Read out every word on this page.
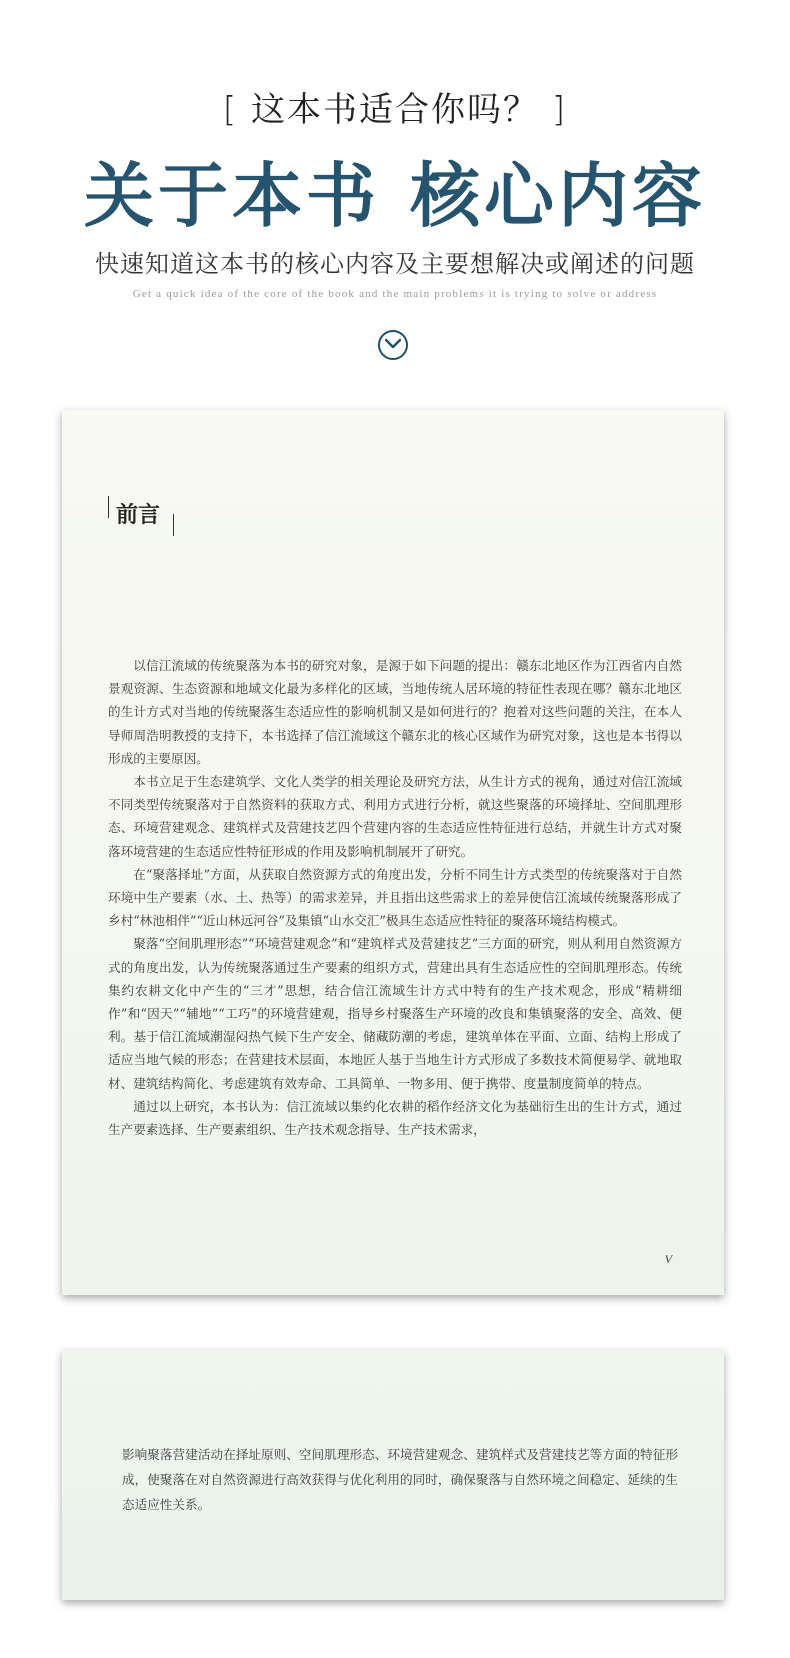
[ 这本书适合你吗？ ]
关于本书 核心内容
快速知道这本书的核心内容及主要想解决或阐述的问题
Get a quick idea of the core of the book and the main problems it is trying to solve or address
前言

以信江流域的传统聚落为本书的研究对象，是源于如下问题的提出：赣东北地区作为江西省内自然景观资源、生态资源和地域文化最为多样化的区域，当地传统人居环境的特征性表现在哪？赣东北地区的生计方式对当地的传统聚落生态适应性的影响机制又是如何进行的？抱着对这些问题的关注，在本人导师周浩明教授的支持下，本书选择了信江流域这个赣东北的核心区域作为研究对象，这也是本书得以形成的主要原因。

本书立足于生态建筑学、文化人类学的相关理论及研究方法，从生计方式的视角，通过对信江流域不同类型传统聚落对于自然资料的获取方式、利用方式进行分析，就这些聚落的环境择址、空间肌理形态、环境营建观念、建筑样式及营建技艺四个营建内容的生态适应性特征进行总结，并就生计方式对聚落环境营建的生态适应性特征形成的作用及影响机制展开了研究。

在“聚落择址”方面，从获取自然资源方式的角度出发，分析不同生计方式类型的传统聚落对于自然环境中生产要素（水、土、热等）的需求差异，并且指出这些需求上的差异使信江流域传统聚落形成了乡村“林池相伴”“近山林远河谷”及集镇“山水交汇”极具生态适应性特征的聚落环境结构模式。

聚落“空间肌理形态”“环境营建观念”和“建筑样式及营建技艺”三方面的研究，则从利用自然资源方式的角度出发，认为传统聚落通过生产要素的组织方式，营建出具有生态适应性的空间肌理形态。传统集约农耕文化中产生的“三才”思想，结合信江流域生计方式中特有的生产技术观念，形成“精耕细作”和“因天”“辅地”“工巧”的环境营建观，指导乡村聚落生产环境的改良和集镇聚落的安全、高效、便利。基于信江流域潮湿闷热气候下生产安全、储藏防潮的考虑，建筑单体在平面、立面、结构上形成了适应当地气候的形态；在营建技术层面，本地匠人基于当地生计方式形成了多数技术简便易学、就地取材、建筑结构简化、考虑建筑有效寿命、工具简单、一物多用、便于携带、度量制度简单的特点。

通过以上研究，本书认为：信江流域以集约化农耕的稻作经济文化为基础衍生出的生计方式，通过生产要素选择、生产要素组织、生产技术观念指导、生产技术需求，

V

影响聚落营建活动在择址原则、空间肌理形态、环境营建观念、建筑样式及营建技艺等方面的特征形成，使聚落在对自然资源进行高效获得与优化利用的同时，确保聚落与自然环境之间稳定、延续的生态适应性关系。
